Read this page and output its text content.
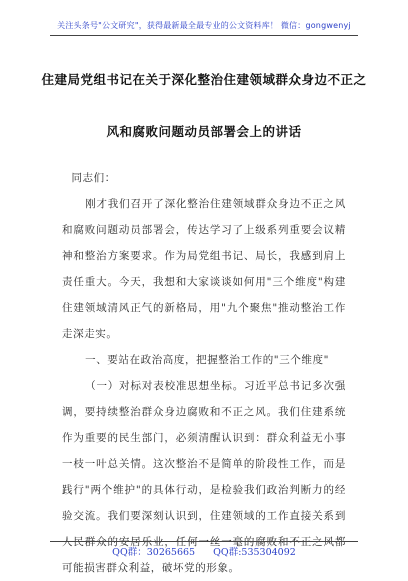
关注头条号"公文研究"，获得最新最全最专业的公文资料库！ 微信：gongwenyj
住建局党组书记在关于深化整治住建领域群众身边不正之
风和腐败问题动员部署会上的讲话

同志们：

刚才我们召开了深化整治住建领域群众身边不正之风和腐败问题动员部署会，传达学习了上级系列重要会议精神和整治方案要求。作为局党组书记、局长，我感到肩上责任重大。今天，我想和大家谈谈如何用"三个维度"构建住建领域清风正气的新格局，用"九个聚焦"推动整治工作走深走实。

一、要站在政治高度，把握整治工作的"三个维度"

（一）对标对表校准思想坐标。习近平总书记多次强调，要持续整治群众身边腐败和不正之风。我们住建系统作为重要的民生部门，必须清醒认识到：群众利益无小事一枝一叶总关情。这次整治不是简单的阶段性工作，而是践行"两个维护"的具体行动，是检验我们政治判断力的经验交流。我们要深刻认识到，住建领域的工作直接关系到人民群众的安居乐业，任何一丝一毫的腐败和不正之风都可能损害群众利益，破坏党的形象。

QQ群：30265665 QQ群:535304092
